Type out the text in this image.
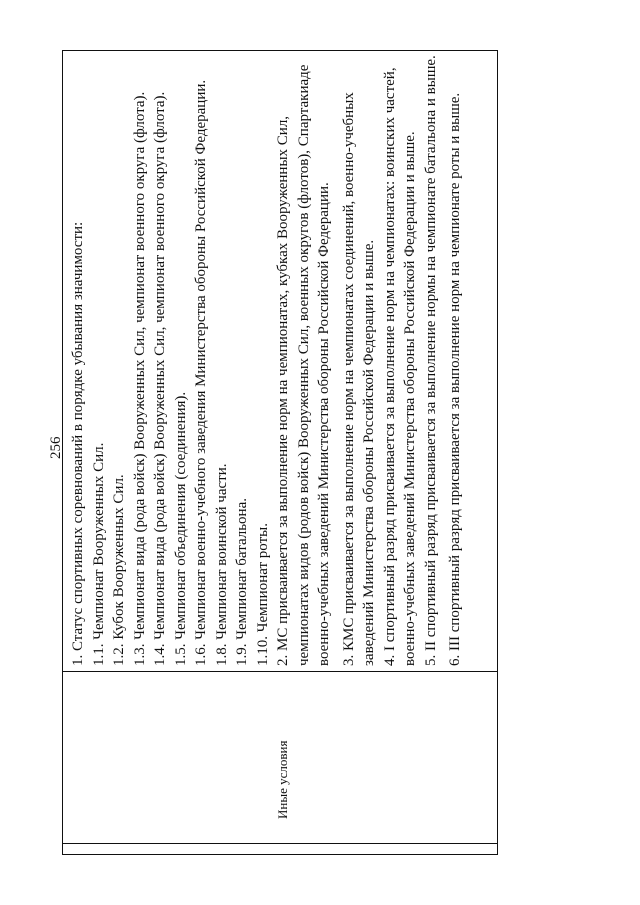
256
Иные условия

1. Статус спортивных соревнований в порядке убывания значимости: 1.1. Чемпионат Вооруженных Сил. 1.2. Кубок Вооруженных Сил. 1.3. Чемпионат вида (рода войск) Вооруженных Сил, чемпионат военного округа (флота). 1.4. Чемпионат вида (рода войск) Вооруженных Сил, чемпионат военного округа (флота). 1.5. Чемпионат объединения (соединения). 1.6. Чемпионат военно-учебного заведения Министерства обороны Российской Федерации. 1.8. Чемпионат воинской части. 1.9. Чемпионат батальона. 1.10. Чемпионат роты. 2. МС присваивается за выполнение норм на чемпионатах, кубках Вооруженных Сил, чемпионатах видов (родов войск) Вооруженных Сил, военных округов (флотов), Спартакиаде военно-учебных заведений Министерства обороны Российской Федерации. 3. КМС присваивается за выполнение норм на чемпионатах соединений, военно-учебных заведений Министерства обороны Российской Федерации и выше. 4. I спортивный разряд присваивается за выполнение норм на чемпионатах: воинских частей, военно-учебных заведений Министерства обороны Российской Федерации и выше. 5. II спортивный разряд присваивается за выполнение нормы на чемпионате батальона и выше. 6. III спортивный разряд присваивается за выполнение норм на чемпионате роты и выше.
